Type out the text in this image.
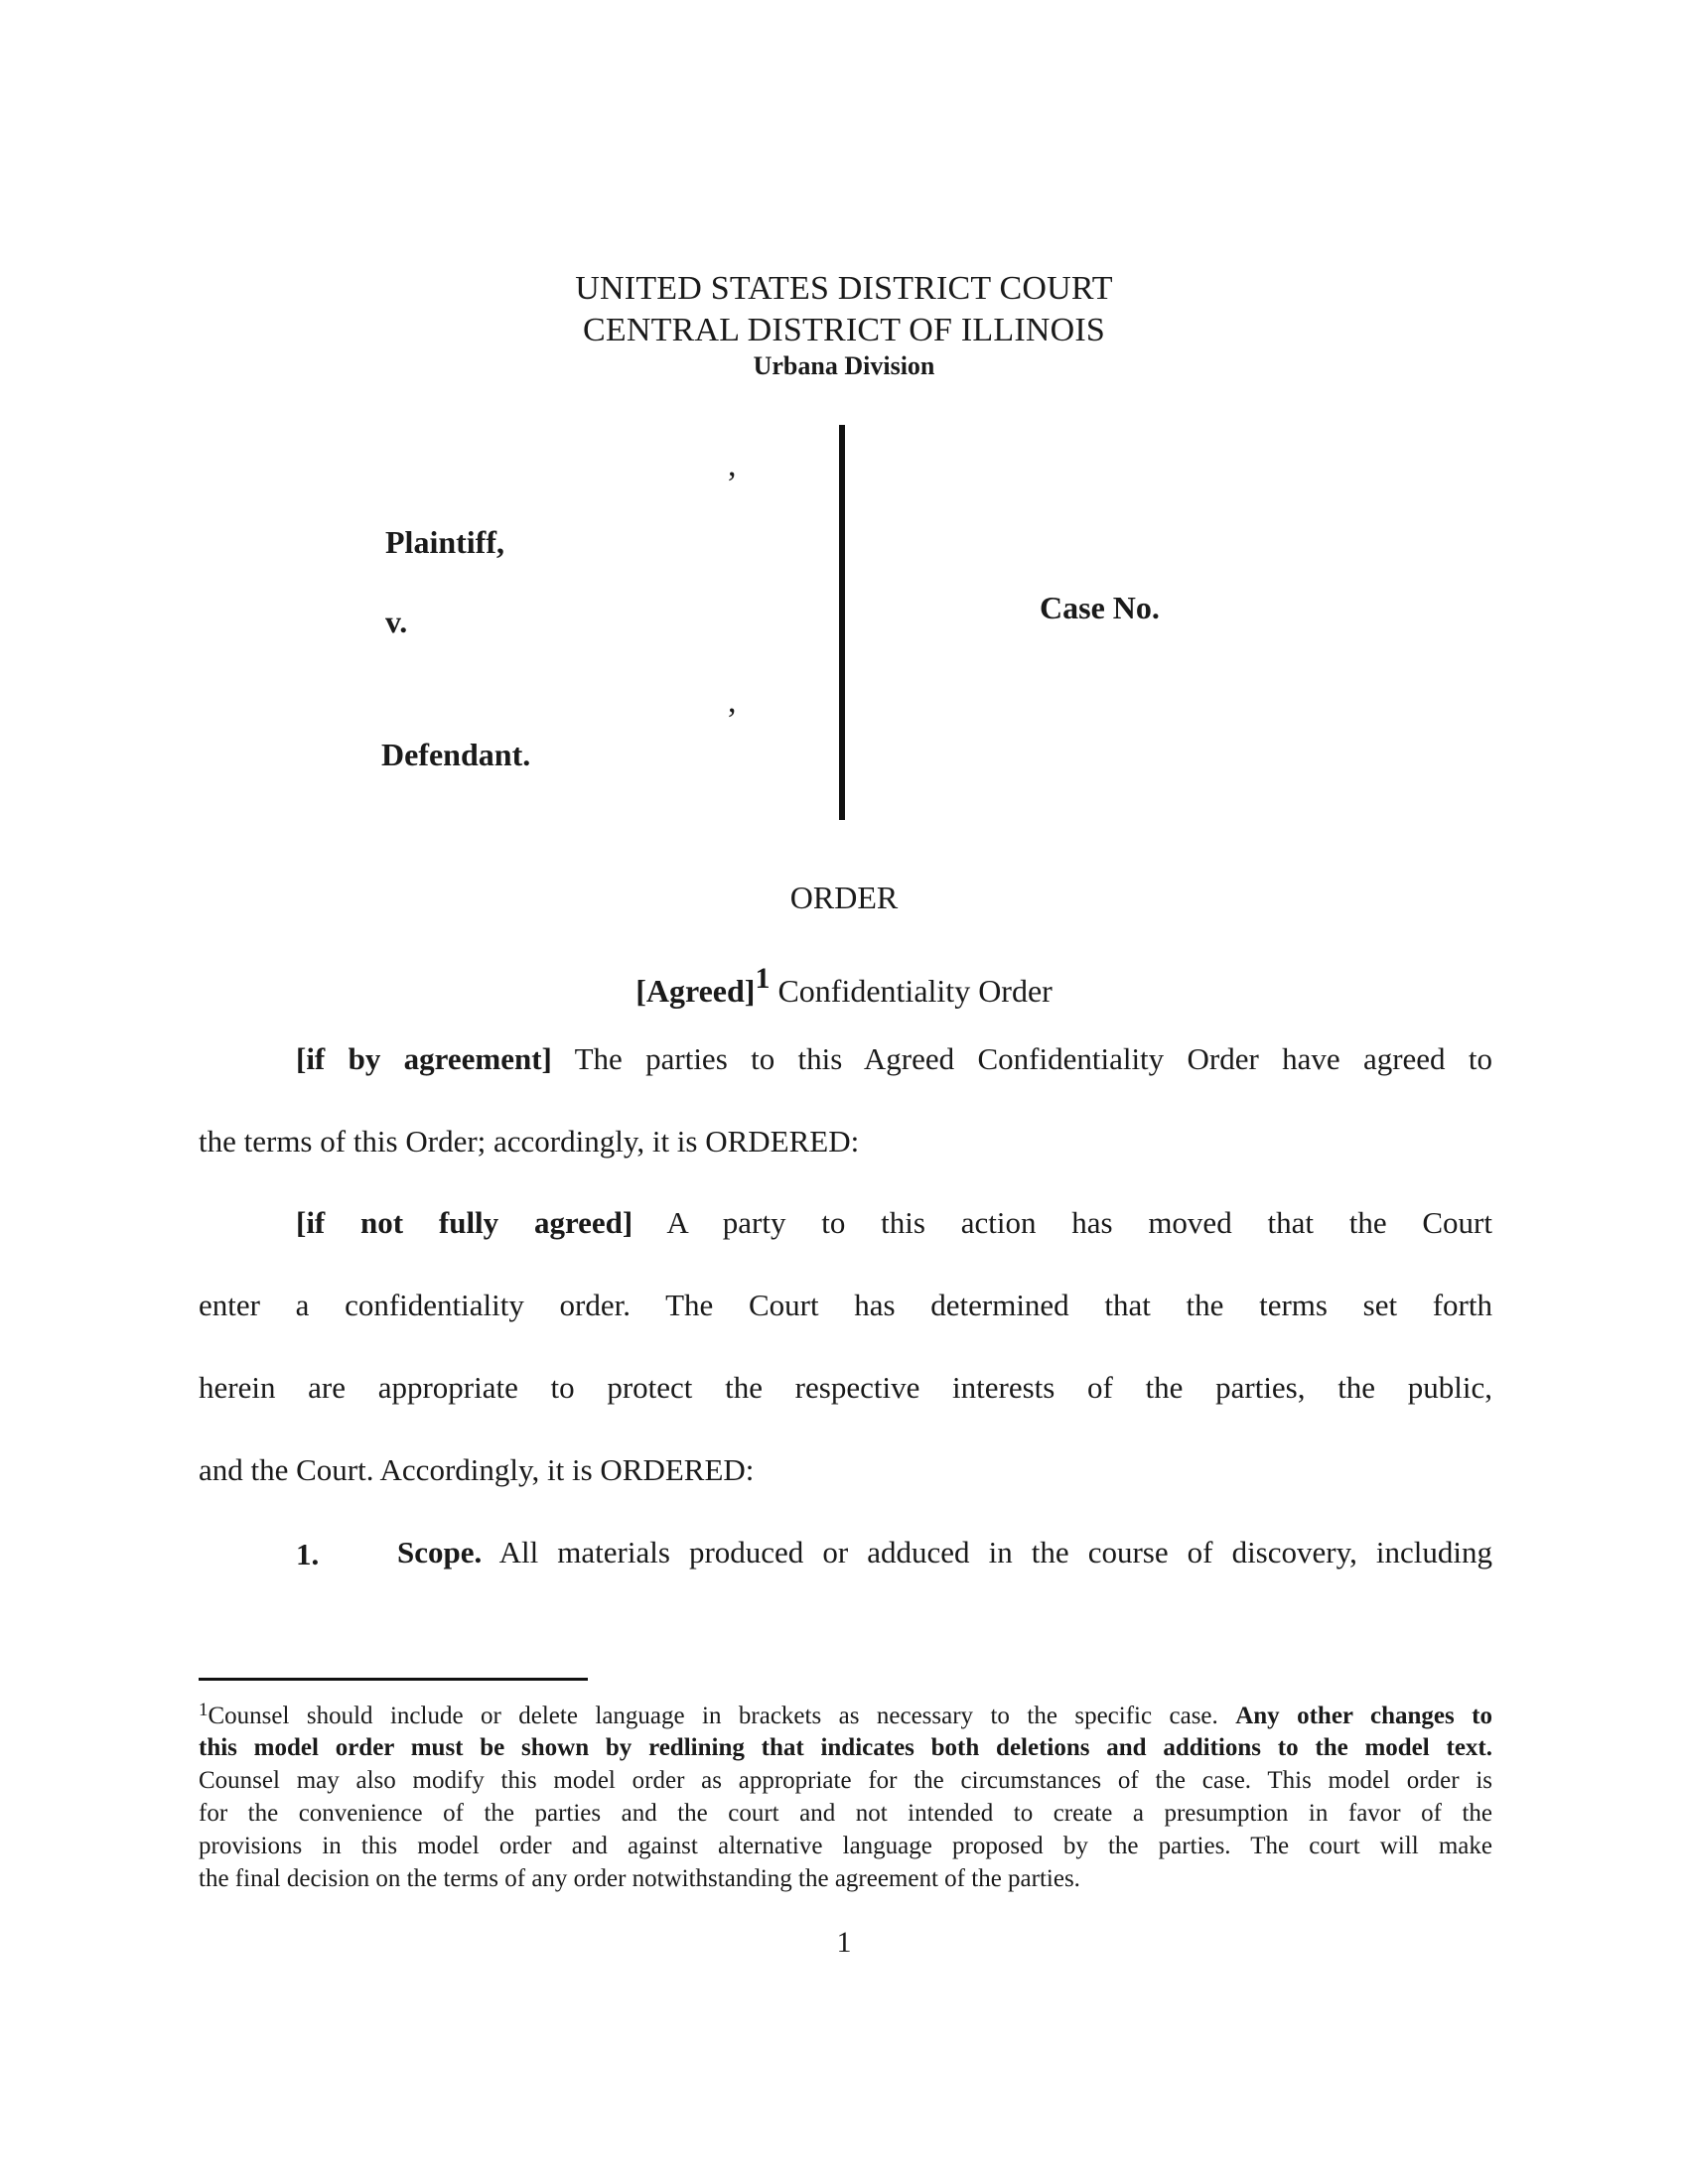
UNITED STATES DISTRICT COURT
CENTRAL DISTRICT OF ILLINOIS
Urbana Division
,
Plaintiff,
v.
,
Defendant.
Case No.
ORDER
[Agreed]$^1$ Confidentiality Order
[if by agreement] The parties to this Agreed Confidentiality Order have agreed to
the terms of this Order; accordingly, it is ORDERED:
[if not fully agreed] A party to this action has moved that the Court
enter a confidentiality order. The Court has determined that the terms set forth
herein are appropriate to protect the respective interests of the parties, the public,
and the Court. Accordingly, it is ORDERED:
1.	Scope. All materials produced or adduced in the course of discovery, including
$^1$Counsel should include or delete language in brackets as necessary to the specific case. Any other changes to
this model order must be shown by redlining that indicates both deletions and additions to the model text.
Counsel may also modify this model order as appropriate for the circumstances of the case. This model order is
for the convenience of the parties and the court and not intended to create a presumption in favor of the
provisions in this model order and against alternative language proposed by the parties. The court will make
the final decision on the terms of any order notwithstanding the agreement of the parties.
1
